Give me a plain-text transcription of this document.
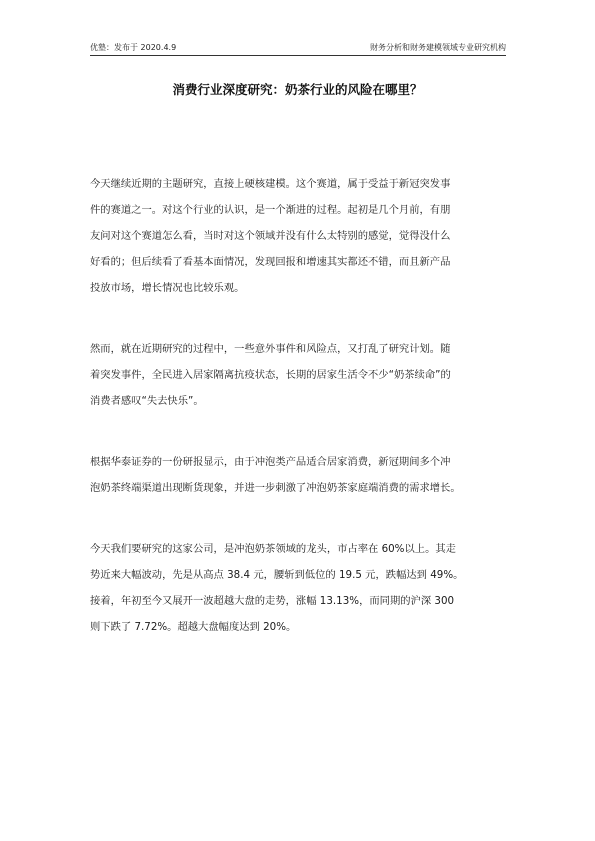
优塾：发布于 2020.4.9	财务分析和财务建模领域专业研究机构
消费行业深度研究：奶茶行业的风险在哪里？

今天继续近期的主题研究，直接上硬核建模。这个赛道，属于受益于新冠突发事
件的赛道之一。对这个行业的认识，是一个渐进的过程。起初是几个月前，有朋
友问对这个赛道怎么看，当时对这个领域并没有什么太特别的感觉，觉得没什么
好看的；但后续看了看基本面情况，发现回报和增速其实都还不错，而且新产品
投放市场，增长情况也比较乐观。

然而，就在近期研究的过程中，一些意外事件和风险点，又打乱了研究计划。随
着突发事件，全民进入居家隔离抗疫状态，长期的居家生活令不少“奶茶续命”的
消费者感叹“失去快乐”。

根据华泰证券的一份研报显示，由于冲泡类产品适合居家消费，新冠期间多个冲
泡奶茶终端渠道出现断货现象，并进一步刺激了冲泡奶茶家庭端消费的需求增长。

今天我们要研究的这家公司，是冲泡奶茶领域的龙头，市占率在 60%以上。其走
势近来大幅波动，先是从高点 38.4 元，腰斩到低位的 19.5 元，跌幅达到 49%。
接着，年初至今又展开一波超越大盘的走势，涨幅 13.13%，而同期的沪深 300
则下跌了 7.72%。超越大盘幅度达到 20%。
